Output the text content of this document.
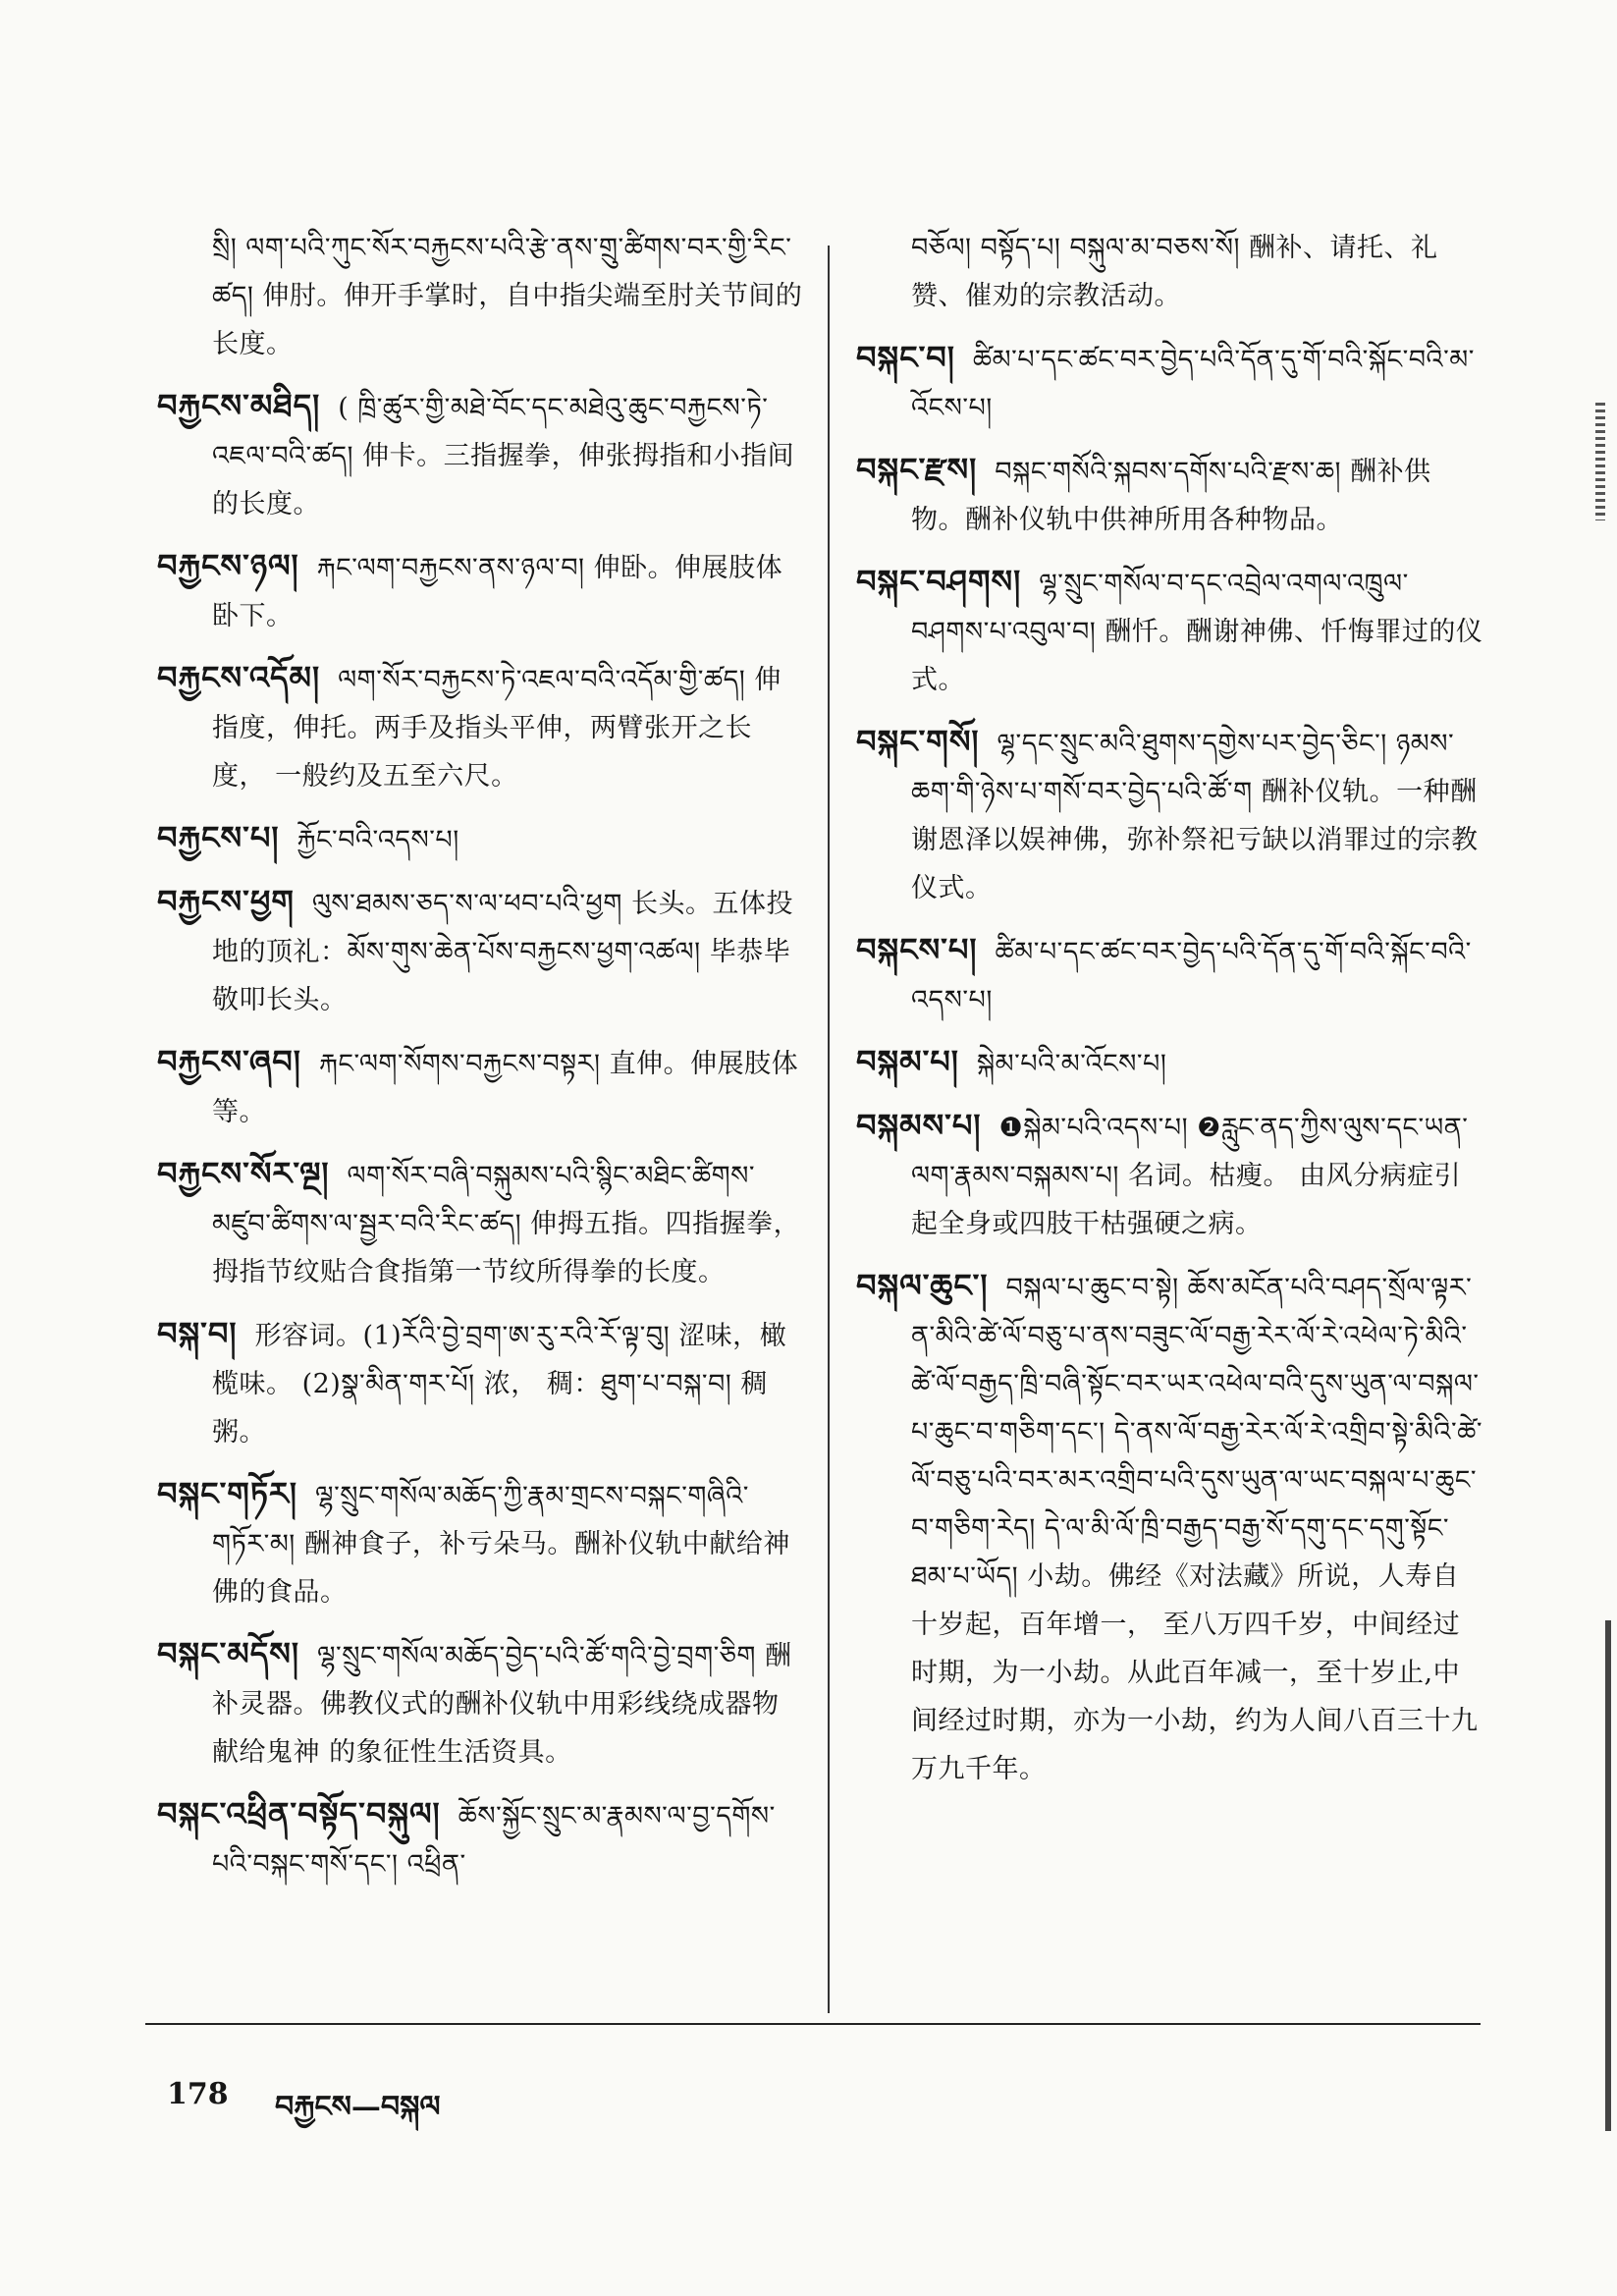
སྲི། ལག་པའི་ཀུང་སོར་བརྐྱངས་པའི་རྩེ་ནས་གྲུ་ཚིགས་བར་གྱི་རིང་ཚད། 伸肘。伸开手掌时，自中指尖端至肘关节间的长度。
བརྐྱངས་མཐིད། ( ཁྲི་ཚུར་གྱི་མཐེ་བོང་དང་མཐེའུ་ཆུང་བརྐྱངས་ཏེ་འཇལ་བའི་ཚད། 伸卡。三指握拳，伸张拇指和小指间的长度。
བརྐྱངས་ཉལ། རྐང་ལག་བརྐྱངས་ནས་ཉལ་བ། 伸卧。伸展肢体卧下。
བརྐྱངས་འདོམ། ལག་སོར་བརྐྱངས་ཏེ་འཇལ་བའི་འདོམ་གྱི་ཚད། 伸指度，伸托。两手及指头平伸，两臂张开之长度， 一般约及五至六尺。
བརྐྱངས་པ། རྐྱོང་བའི་འདས་པ།
བརྐྱངས་ཕྱག ལུས་ཐམས་ཅད་ས་ལ་ཕབ་པའི་ཕྱག 长头。五体投地的顶礼：མོས་གུས་ཆེན་པོས་བརྐྱངས་ཕྱག་འཚལ། 毕恭毕敬叩长头。
བརྐྱངས་ཞབ། རྐང་ལག་སོགས་བརྐྱངས་བསྟར། 直伸。伸展肢体等。
བརྐྱངས་སོར་ལྔ། ལག་སོར་བཞི་བསྐུམས་པའི་སྙིང་མཐིང་ཚིགས་མཛུབ་ཚིགས་ལ་སྦྱར་བའི་རིང་ཚད། 伸拇五指。四指握拳，拇指节纹贴合食指第一节纹所得拳的长度。
བསྐ་བ། 形容词。(1)རོའི་བྱེ་བྲག་ཨ་རུ་རའི་རོ་ལྟ་བུ། 涩味，橄榄味。 (2)སྣ་མིན་གར་པོ། 浓， 稠：ཐུག་པ་བསྐ་བ། 稠粥。
བསྐང་གཏོར། ལྷ་སྲུང་གསོལ་མཆོད་ཀྱི་རྣམ་གྲངས་བསྐང་གཞིའི་གཏོར་མ། 酬神食子，补亏朵马。酬补仪轨中献给神佛的食品。
བསྐང་མདོས། ལྷ་སྲུང་གསོལ་མཆོད་བྱེད་པའི་ཚོ་གའི་བྱེ་བྲག་ཅིག 酬补灵器。佛教仪式的酬补仪轨中用彩线绕成器物献给鬼神 的象征性生活资具。
བསྐང་འཕྲིན་བསྟོད་བསྐུལ། ཆོས་སྐྱོང་སྲུང་མ་རྣམས་ལ་བྱ་དགོས་པའི་བསྐང་གསོ་དང་། འཕྲིན་
བཅོལ། བསྟོད་པ། བསྐུལ་མ་བཅས་སོ། 酬补、请托、礼赞、催劝的宗教活动。
བསྐང་བ། ཚིམ་པ་དང་ཚང་བར་བྱེད་པའི་དོན་དུ་གོ་བའི་སྐོང་བའི་མ་འོངས་པ།
བསྐང་རྫས། བསྐང་གསོའི་སྐབས་དགོས་པའི་རྫས་ཆ། 酬补供物。酬补仪轨中供神所用各种物品。
བསྐང་བཤགས། ལྷ་སྲུང་གསོལ་བ་དང་འབྲེལ་འགལ་འཁྲུལ་བཤགས་པ་འབུལ་བ། 酬忏。酬谢神佛、忏悔罪过的仪式。
བསྐང་གསོ། ལྷ་དང་སྲུང་མའི་ཐུགས་དགྱེས་པར་བྱེད་ཅིང་། ཉམས་ཆག་གི་ཉེས་པ་གསོ་བར་བྱེད་པའི་ཚོ་ག 酬补仪轨。一种酬谢恩泽以娱神佛，弥补祭祀亏缺以消罪过的宗教仪式。
བསྐངས་པ། ཚིམ་པ་དང་ཚང་བར་བྱེད་པའི་དོན་དུ་གོ་བའི་སྐོང་བའི་འདས་པ།
བསྐམ་པ། སྐེམ་པའི་མ་འོངས་པ།
བསྐམས་པ། ❶སྐེམ་པའི་འདས་པ། ❷རླུང་ནད་ཀྱིས་ལུས་དང་ཡན་ལག་རྣམས་བསྐམས་པ། 名词。枯瘦。 由风分病症引起全身或四肢干枯强硬之病。
བསྐལ་ཆུང་། བསྐལ་པ་ཆུང་བ་སྟེ། ཆོས་མངོན་པའི་བཤད་སྲོལ་ལྟར་ན་མིའི་ཚེ་ལོ་བཅུ་པ་ནས་བཟུང་ལོ་བརྒྱ་རེར་ལོ་རེ་འཕེལ་ཏེ་མིའི་ཚེ་ལོ་བརྒྱད་ཁྲི་བཞི་སྟོང་བར་ཡར་འཕེལ་བའི་དུས་ཡུན་ལ་བསྐལ་པ་ཆུང་བ་གཅིག་དང་། དེ་ནས་ལོ་བརྒྱ་རེར་ལོ་རེ་འགྲིབ་སྟེ་མིའི་ཚེ་ལོ་བཅུ་པའི་བར་མར་འགྲིབ་པའི་དུས་ཡུན་ལ་ཡང་བསྐལ་པ་ཆུང་བ་གཅིག་རེད། དེ་ལ་མི་ལོ་ཁྲི་བརྒྱད་བརྒྱ་སོ་དགུ་དང་དགུ་སྟོང་ཐམ་པ་ཡོད། 小劫。佛经《对法藏》所说，人寿自十岁起，百年增一， 至八万四千岁，中间经过时期，为一小劫。从此百年减一，至十岁止,中间经过时期，亦为一小劫，约为人间八百三十九万九千年。
178 བརྐྱངས—བསྐལ
